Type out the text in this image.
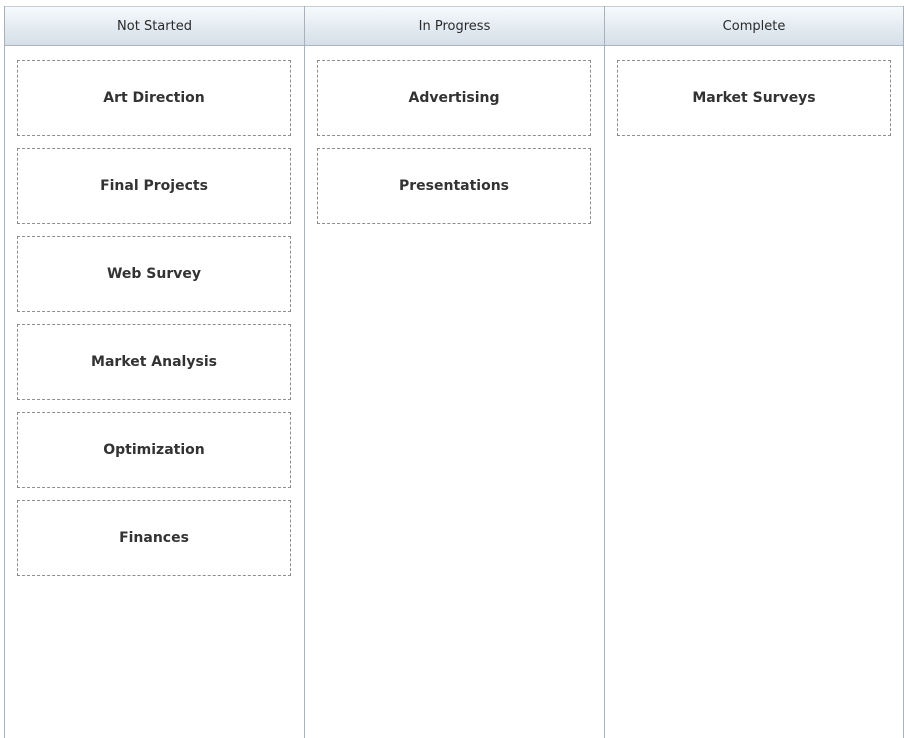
Not Started
Art Direction
Final Projects
Web Survey
Market Analysis
Optimization
Finances
In Progress
Advertising
Presentations
Complete
Market Surveys
